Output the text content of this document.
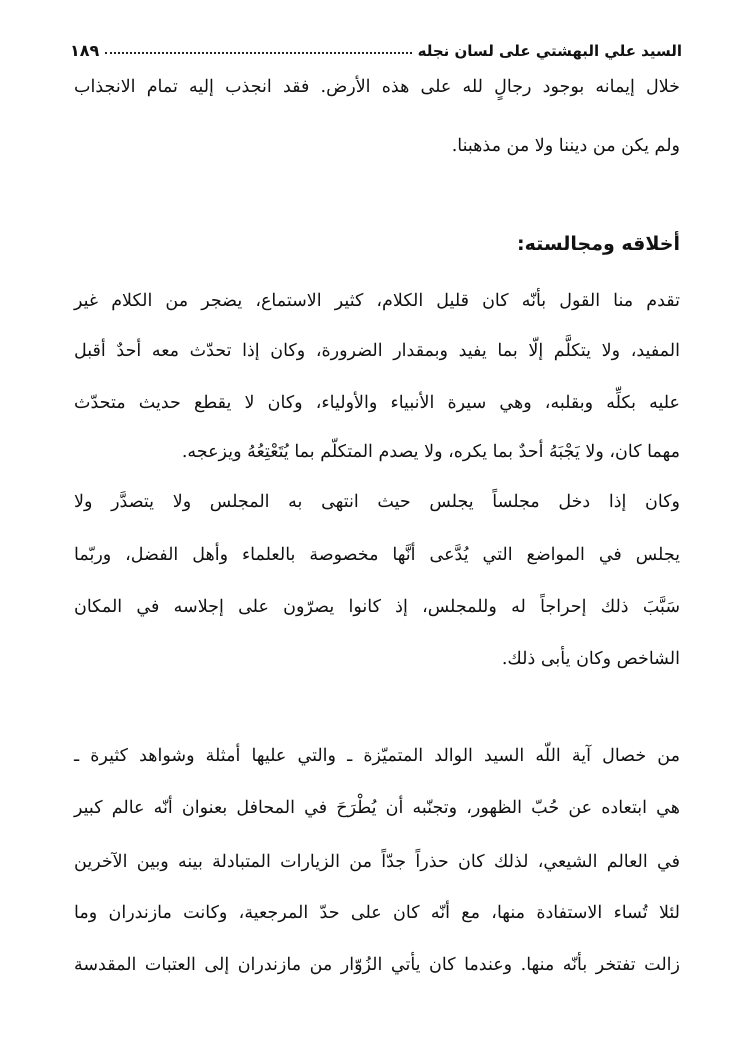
السيد علي البهشتي على لسان نجله
١٨٩
خلال إيمانه بوجود رجالٍ لله على هذه الأرض. فقد انجذب إليه تمام الانجذاب
ولم يكن من ديننا ولا من مذهبنا.
أخلاقه ومجالسته:
تقدم منا القول بأنّه كان قليل الكلام، كثير الاستماع، يضجر من الكلام غير
المفيد، ولا يتكلَّم إلّا بما يفيد وبمقدار الضرورة، وكان إذا تحدّث معه أحدٌ أقبل
عليه بكلِّه وبقلبه، وهي سيرة الأنبياء والأولياء، وكان لا يقطع حديث متحدّث
مهما كان، ولا يَجْبَهُ أحدٌ بما يكره، ولا يصدم المتكلّم بما يُتَعْتِعُهُ ويزعجه.
وكان إذا دخل مجلساً يجلس حيث انتهى به المجلس ولا يتصدَّر ولا
يجلس في المواضع التي يُدَّعى أنَّها مخصوصة بالعلماء وأهل الفضل، وربّما
سَبَّبَ ذلك إحراجاً له وللمجلس، إذ كانوا يصرّون على إجلاسه في المكان
الشاخص وكان يأبى ذلك.
من خصال آية اللّه السيد الوالد المتميّزة ـ والتي عليها أمثلة وشواهد كثيرة ـ
هي ابتعاده عن حُبّ الظهور، وتجنّبه أن يُطْرَحَ في المحافل بعنوان أنّه عالم كبير
في العالم الشيعي، لذلك كان حذراً جدّاً من الزيارات المتبادلة بينه وبين الآخرين
لئلا تُساء الاستفادة منها، مع أنّه كان على حدّ المرجعية، وكانت مازندران وما
زالت تفتخر بأنّه منها. وعندما كان يأتي الزُوّار من مازندران إلى العتبات المقدسة
